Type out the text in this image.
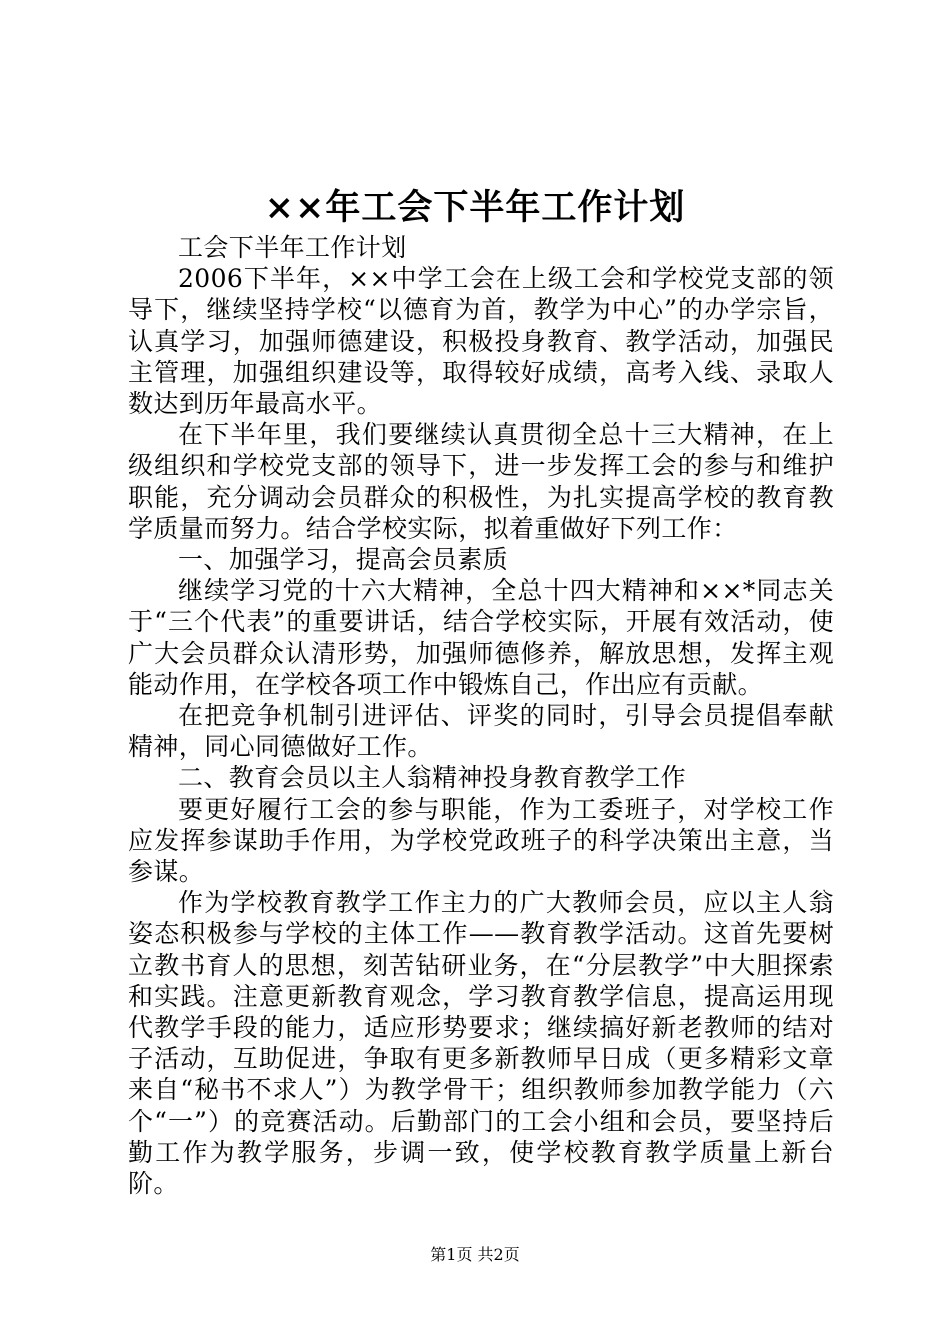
××年工会下半年工作计划

工会下半年工作计划

2006下半年，××中学工会在上级工会和学校党支部的领导下，继续坚持学校“以德育为首，教学为中心”的办学宗旨，认真学习，加强师德建设，积极投身教育、教学活动，加强民主管理，加强组织建设等，取得较好成绩，高考入线、录取人数达到历年最高水平。

在下半年里，我们要继续认真贯彻全总十三大精神，在上级组织和学校党支部的领导下，进一步发挥工会的参与和维护职能，充分调动会员群众的积极性，为扎实提高学校的教育教学质量而努力。结合学校实际，拟着重做好下列工作：

一、加强学习，提高会员素质

继续学习党的十六大精神，全总十四大精神和××*同志关于“三个代表”的重要讲话，结合学校实际，开展有效活动，使广大会员群众认清形势，加强师德修养，解放思想，发挥主观能动作用，在学校各项工作中锻炼自己，作出应有贡献。

在把竞争机制引进评估、评奖的同时，引导会员提倡奉献精神，同心同德做好工作。

二、教育会员以主人翁精神投身教育教学工作

要更好履行工会的参与职能，作为工委班子，对学校工作应发挥参谋助手作用，为学校党政班子的科学决策出主意，当参谋。

作为学校教育教学工作主力的广大教师会员，应以主人翁姿态积极参与学校的主体工作——教育教学活动。这首先要树立教书育人的思想，刻苦钻研业务，在“分层教学”中大胆探索和实践。注意更新教育观念，学习教育教学信息，提高运用现代教学手段的能力，适应形势要求；继续搞好新老教师的结对子活动，互助促进，争取有更多新教师早日成（更多精彩文章来自“秘书不求人”）为教学骨干；组织教师参加教学能力（六个“一”）的竞赛活动。后勤部门的工会小组和会员，要坚持后勤工作为教学服务，步调一致，使学校教育教学质量上新台阶。

第1页 共2页
